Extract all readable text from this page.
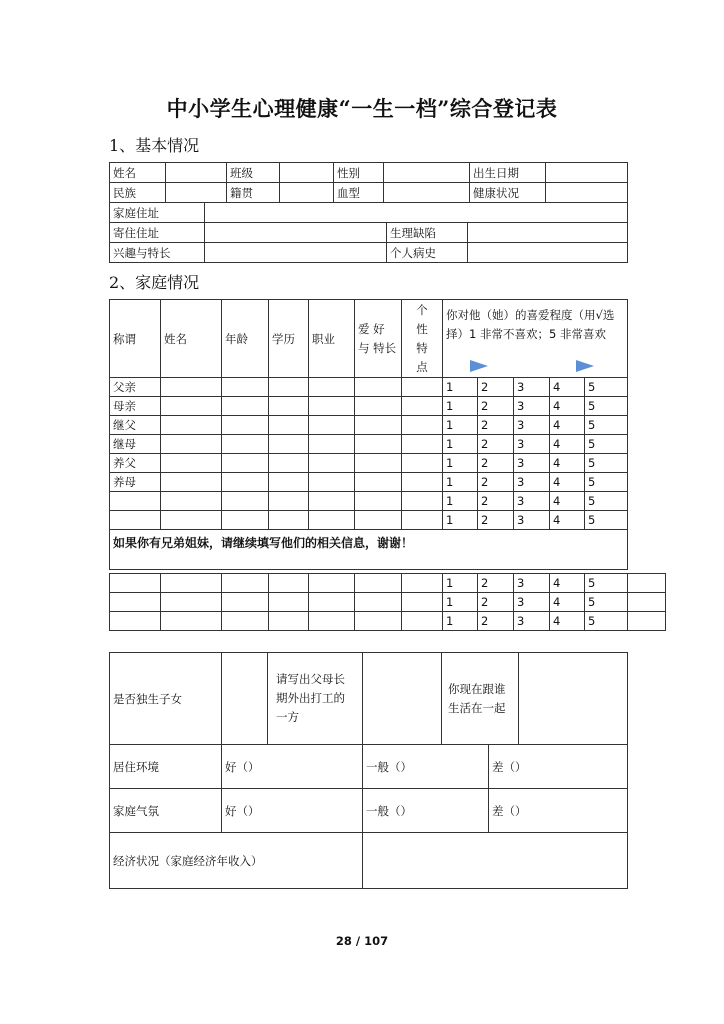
中小学生心理健康“一生一档”综合登记表
1、基本情况
姓名		班级		性别		出生日期	
民族		籍贯		血型		健康状况	
家庭住址			
寄住住址		生理缺陷	
兴趣与特长		个人病史	
2、家庭情况
称谓	姓名	年龄	学历	职业	爱 好 与 特长	个 性 特 点	你对他（她）的喜爱程度（用√选择）1 非常不喜欢；5 非常喜欢				
父亲							1	2	3	4	5
母亲							1	2	3	4	5
继父							1	2	3	4	5
继母							1	2	3	4	5
养父							1	2	3	4	5
养母							1	2	3	4	5
							1	2	3	4	5
							1	2	3	4	5
如果你有兄弟姐妹，请继续填写他们的相关信息，谢谢！											
							1	2	3	4	5	
							1	2	3	4	5	
							1	2	3	4	5	
是否独生子女		请写出父母长期外出打工的一方		你现在跟谁生活在一起	
居住环境	好（）	一般（）	差（）
家庭气氛	好（）	一般（）	差（）
经济状况（家庭经济年收入）	
28 / 107
